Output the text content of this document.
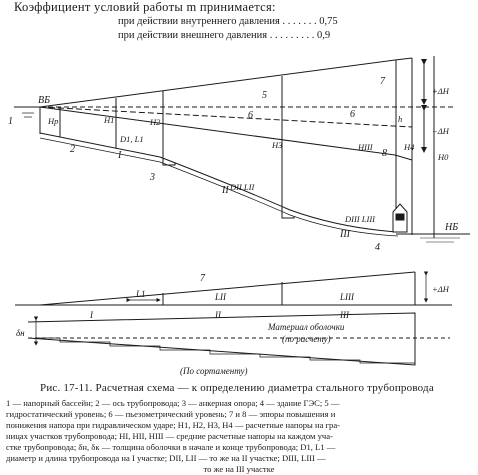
Коэффициент условий работы m принимается:
при действии внутреннего давления . . . . . . . 0,75
при действии внешнего давления . . . . . . . . . 0,9
ВБ
НБ
1
2
3
4
5
6	6
7
8
Hр	H1	H2
H3	H4
HIII
H0
h
+ΔH
−ΔH
I
II
III
D1, L1
DII LII
DIII LIII
7
+ΔH
L1	LII	LIII
I	II	III
δн
Материал оболочки
(по расчету)
(По сортаменту)
Рис. 17-11. Расчетная схема — к определению диаметра стального трубопровода
1 — напорный бассейн; 2 — ось трубопровода; 3 — анкерная опора; 4 — здание ГЭС; 5 —
гидростатический уровень; 6 — пьезометрический уровень; 7 и 8 — эпюры повышения и
понижения напора при гидравлическом ударе; H1, H2, H3, H4 — расчетные напоры на гра-
ницах участков трубопровода; HI, HII, HIII — средние расчетные напоры на каждом уча-
стке трубопровода; δн, δк — толщина оболочки в начале и конце трубопровода; D1, L1 —
диаметр и длина трубопровода на I участке; DII, LII — то же на II участке; DIII, LIII —
то же на III участке
